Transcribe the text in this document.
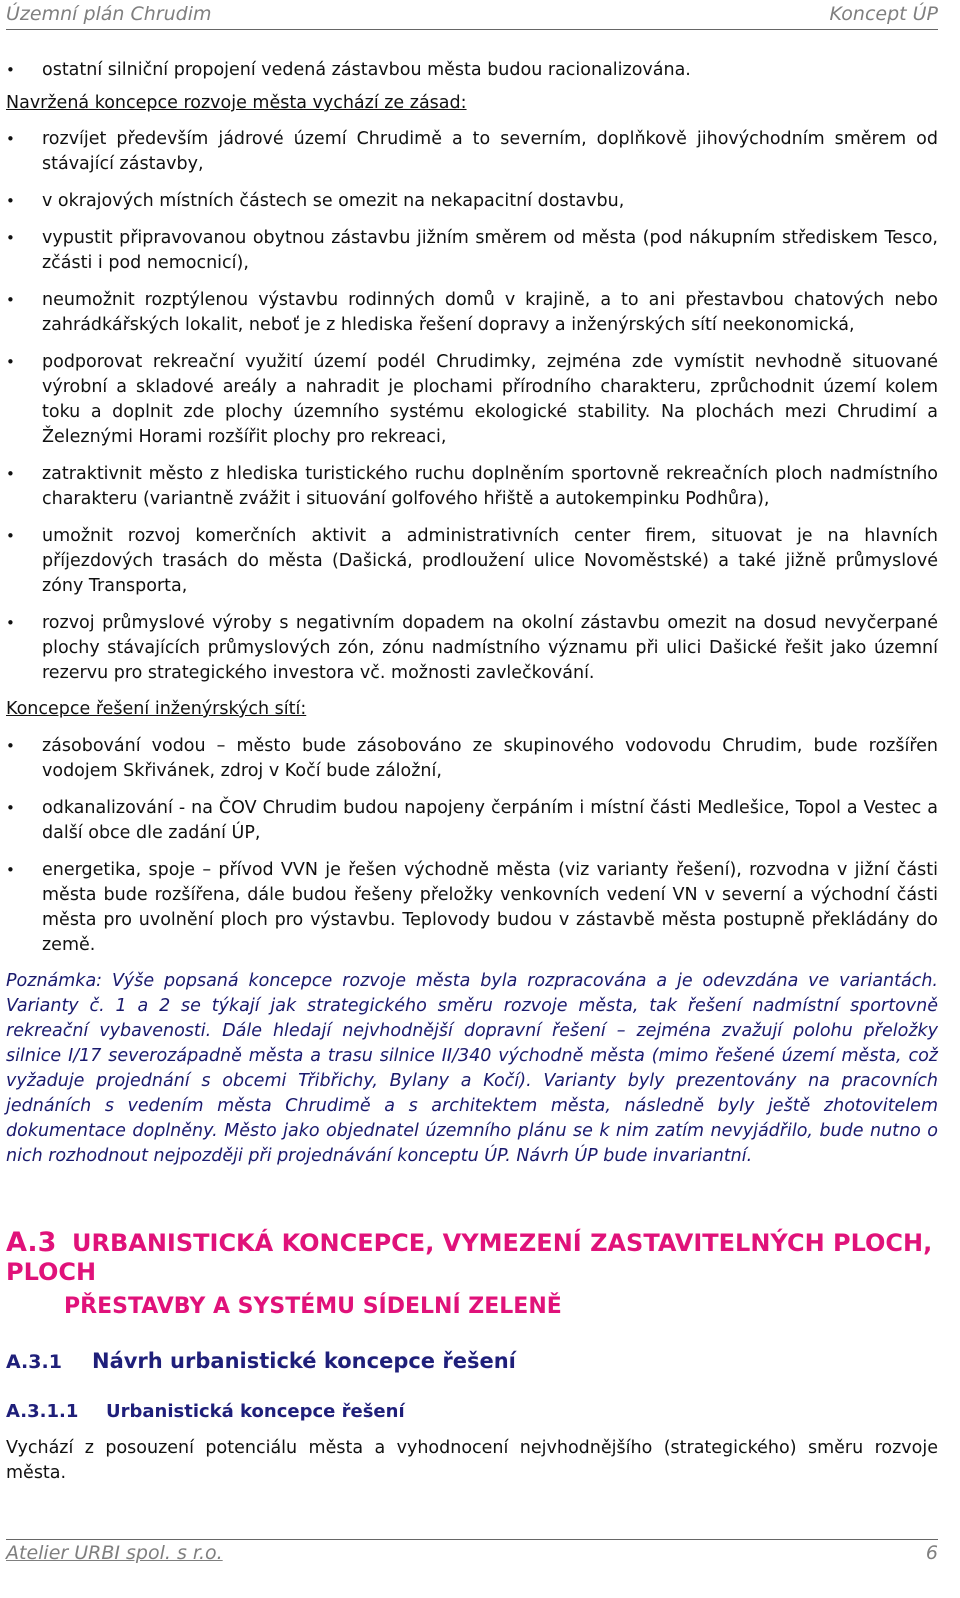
Územní plán Chrudim	Koncept ÚP
• ostatní silniční propojení vedená zástavbou města budou racionalizována.

Navržená koncepce rozvoje města vychází ze zásad:

• rozvíjet především jádrové území Chrudimě a to severním, doplňkově jihovýchodním směrem od stávající zástavby,
• v okrajových místních částech se omezit na nekapacitní dostavbu,
• vypustit připravovanou obytnou zástavbu jižním směrem od města (pod nákupním střediskem Tesco, zčásti i pod nemocnicí),
• neumožnit rozptýlenou výstavbu rodinných domů v krajině, a to ani přestavbou chatových nebo zahrádkářských lokalit, neboť je z hlediska řešení dopravy a inženýrských sítí neekonomická,
• podporovat rekreační využití území podél Chrudimky, zejména zde vymístit nevhodně situované výrobní a skladové areály a nahradit je plochami přírodního charakteru, zprůchodnit území kolem toku a doplnit zde plochy územního systému ekologické stability. Na plochách mezi Chrudimí a Železnými Horami rozšířit plochy pro rekreaci,
• zatraktivnit město z hlediska turistického ruchu doplněním sportovně rekreačních ploch nadmístního charakteru (variantně zvážit i situování golfového hřiště a autokempinku Podhůra),
• umožnit rozvoj komerčních aktivit a administrativních center firem, situovat je na hlavních příjezdových trasách do města (Dašická, prodloužení ulice Novoměstské) a také jižně průmyslové zóny Transporta,
• rozvoj průmyslové výroby s negativním dopadem na okolní zástavbu omezit na dosud nevyčerpané plochy stávajících průmyslových zón, zónu nadmístního významu při ulici Dašické řešit jako územní rezervu pro strategického investora vč. možnosti zavlečkování.

Koncepce řešení inženýrských sítí:

• zásobování vodou – město bude zásobováno ze skupinového vodovodu Chrudim, bude rozšířen vodojem Skřivánek, zdroj v Kočí bude záložní,
• odkanalizování - na ČOV Chrudim budou napojeny čerpáním i místní části Medlešice, Topol a Vestec a další obce dle zadání ÚP,
• energetika, spoje – přívod VVN je řešen východně města (viz varianty řešení), rozvodna v jižní části města bude rozšířena, dále budou řešeny přeložky venkovních vedení VN v severní a východní části města pro uvolnění ploch pro výstavbu. Teplovody budou v zástavbě města postupně překládány do země.

Poznámka: Výše popsaná koncepce rozvoje města byla rozpracována a je odevzdána ve variantách. Varianty č. 1 a 2 se týkají jak strategického směru rozvoje města, tak řešení nadmístní sportovně rekreační vybavenosti. Dále hledají nejvhodnější dopravní řešení – zejména zvažují polohu přeložky silnice I/17 severozápadně města a trasu silnice II/340 východně města (mimo řešené území města, což vyžaduje projednání s obcemi Třibřichy, Bylany a Kočí). Varianty byly prezentovány na pracovních jednáních s vedením města Chrudimě a s architektem města, následně byly ještě zhotovitelem dokumentace doplněny. Město jako objednatel územního plánu se k nim zatím nevyjádřilo, bude nutno o nich rozhodnout nejpozději při projednávání konceptu ÚP. Návrh ÚP bude invariantní.

A.3 URBANISTICKÁ KONCEPCE, VYMEZENÍ ZASTAVITELNÝCH PLOCH, PLOCH
PŘESTAVBY A SYSTÉMU SÍDELNÍ ZELENĚ
A.3.1 Návrh urbanistické koncepce řešení
A.3.1.1 Urbanistická koncepce řešení

Vychází z posouzení potenciálu města a vyhodnocení nejvhodnějšího (strategického) směru rozvoje města.

Atelier URBI spol. s r.o.	6
